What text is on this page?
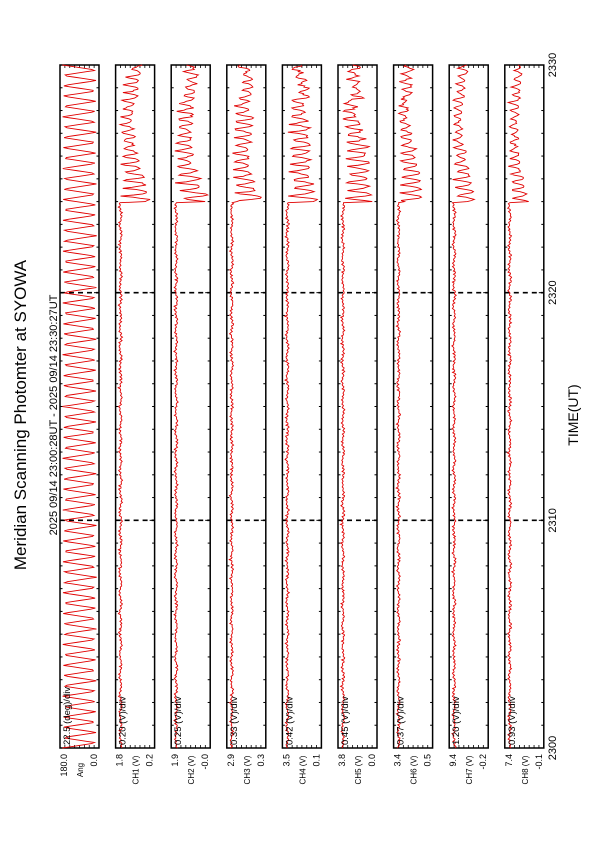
Meridian Scanning Photomter at SYOWA 2025 09/14 23:00:28UT - 2025 09/14 23:30:27UT	TIME(UT)
180.0 Ang
0.0
22.5 (deg)/div
1.8 CH1 (V) 0.2
0.20 (V)/div
1.9 CH2 (V) -0.0
0.25 (V)/div
2.9 CH3 (V) 0.3
0.33 (V)/div
3.5 CH4 (V) 0.1
0.42 (V)/div
3.8 CH5 (V) 0.0
0.45 (V)/div
3.4 CH6 (V) 0.5
0.37 (V)/div
9.4 CH7 (V) -0.2
1.20 (V)/div
7.4 CH8 (V) -0.1
0.93 (V)/div
2300
2310
2320
2330
